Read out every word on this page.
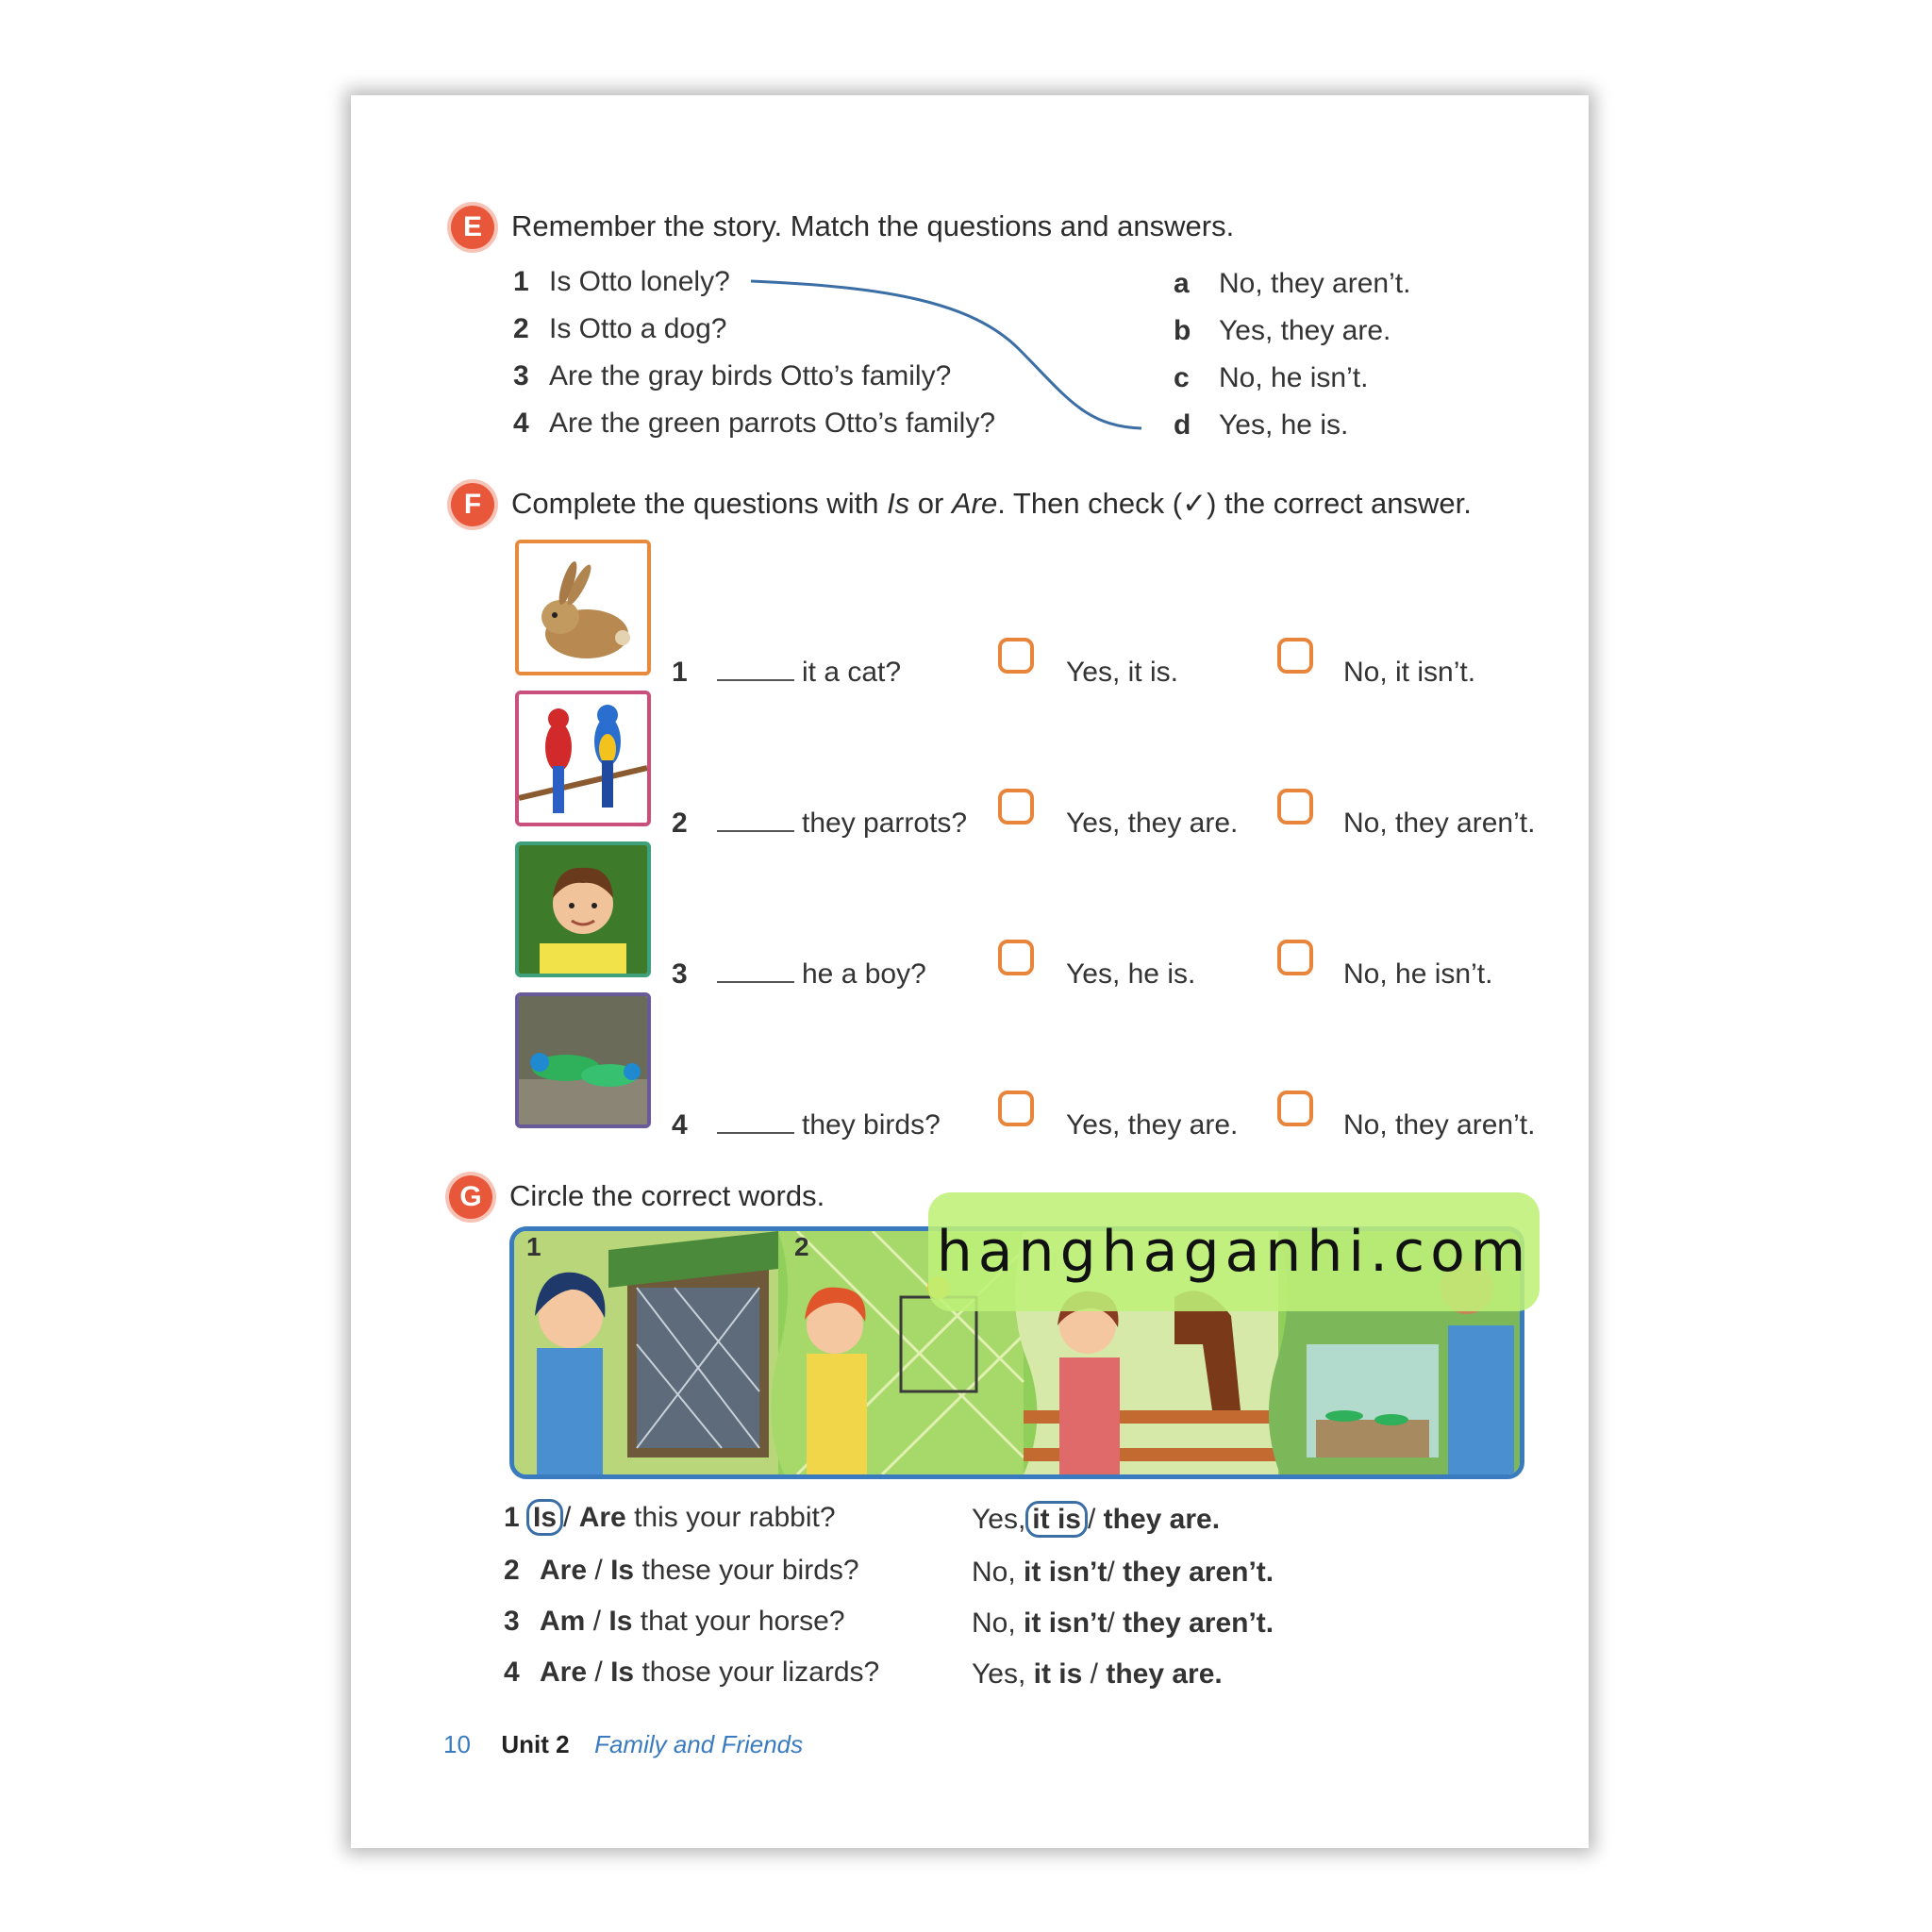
E	Remember the story. Match the questions and answers.
1 Is Otto lonely?
2 Is Otto a dog?
3 Are the gray birds Otto’s family?
4 Are the green parrots Otto’s family?
a No, they aren’t.
b Yes, they are.
c No, he isn’t.
d Yes, he is.
F	Complete the questions with Is or Are. Then check (✓) the correct answer.
1	it a cat?	Yes, it is.	No, it isn’t.
2	they parrots?	Yes, they are.	No, they aren’t.
3	he a boy?	Yes, he is.	No, he isn’t.
4	they birds?	Yes, they are.	No, they aren’t.
G Circle the correct words.
1	2
1 Is / Are this your rabbit?	Yes, it is / they are.
2 Are / Is these your birds?	No, it isn’t/ they aren’t.
3 Am / Is that your horse?	No, it isn’t/ they aren’t.
4 Are / Is those your lizards?	Yes, it is / they are.
10 Unit 2 Family and Friends
hanghaganhi.com
